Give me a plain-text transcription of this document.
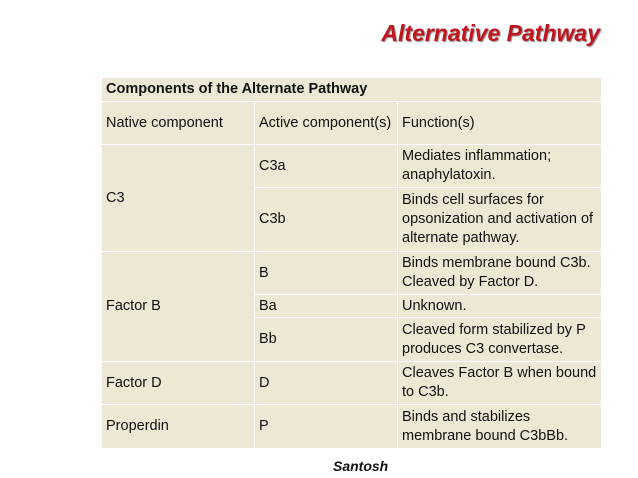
Alternative Pathway
Components of the Alternate Pathway		
Native component	Active component(s)	Function(s)
C3	C3a	Mediates inflammation; anaphylatoxin.
	C3b	Binds cell surfaces for opsonization and activation of alternate pathway.
Factor B	B	Binds membrane bound C3b. Cleaved by Factor D.
	Ba	Unknown.
	Bb	Cleaved form stabilized by P produces C3 convertase.
Factor D	D	Cleaves Factor B when bound to C3b.
Properdin	P	Binds and stabilizes membrane bound C3bBb.
Santosh
